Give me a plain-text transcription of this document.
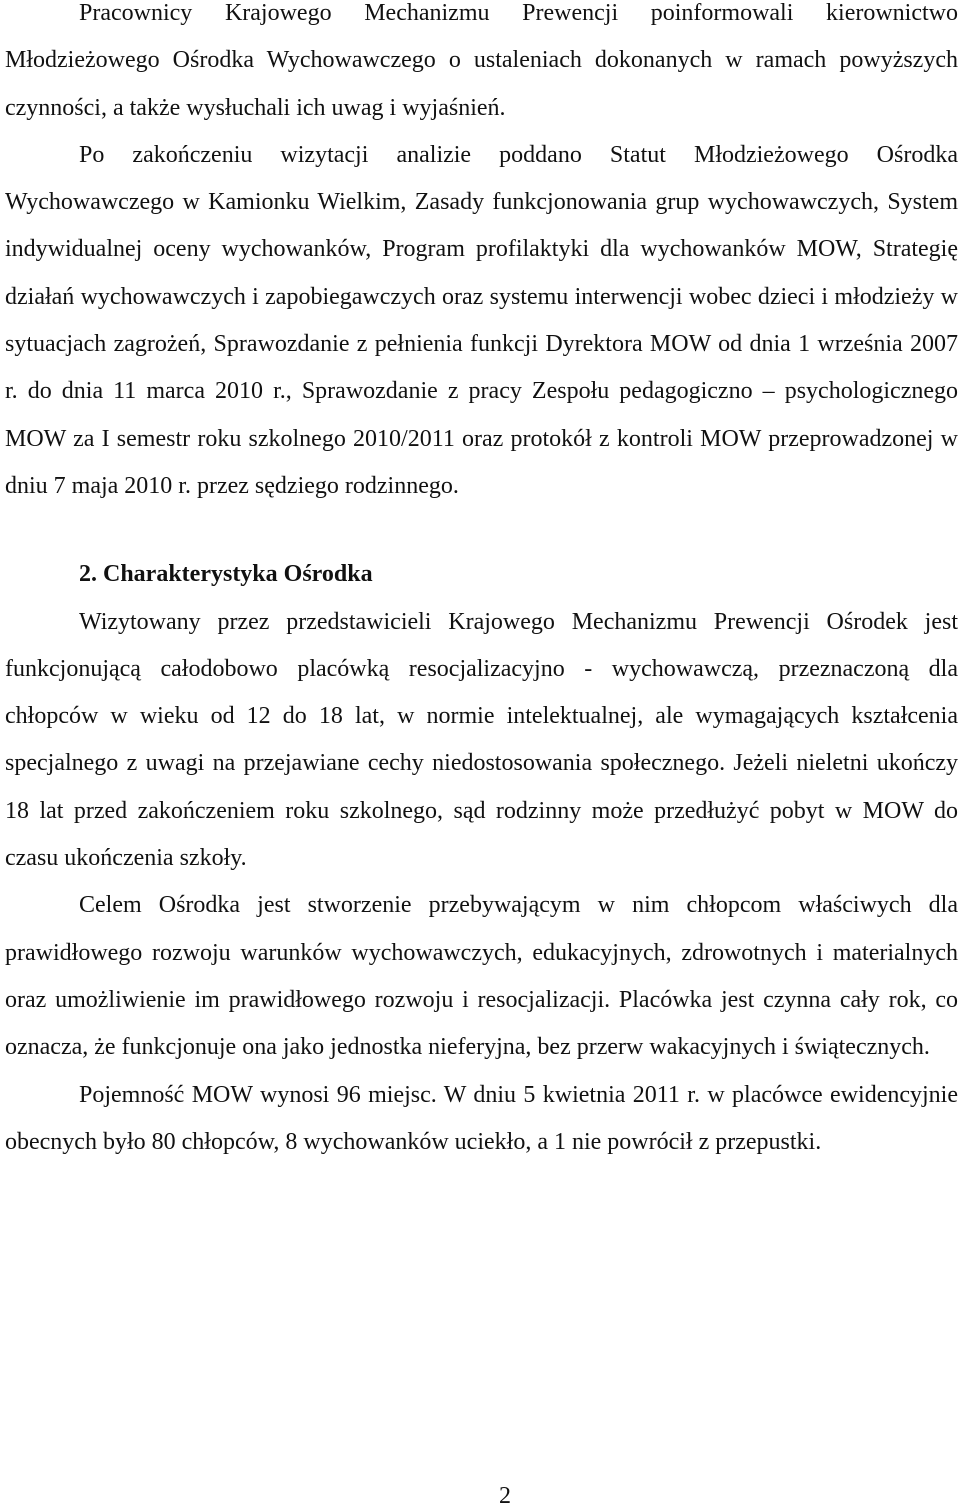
Pracownicy Krajowego Mechanizmu Prewencji poinformowali kierownictwo Młodzieżowego Ośrodka Wychowawczego o ustaleniach dokonanych w ramach powyższych czynności, a także wysłuchali ich uwag i wyjaśnień.

Po zakończeniu wizytacji analizie poddano Statut Młodzieżowego Ośrodka Wychowawczego w Kamionku Wielkim, Zasady funkcjonowania grup wychowawczych, System indywidualnej oceny wychowanków, Program profilaktyki dla wychowanków MOW, Strategię działań wychowawczych i zapobiegawczych oraz systemu interwencji wobec dzieci i młodzieży w sytuacjach zagrożeń, Sprawozdanie z pełnienia funkcji Dyrektora MOW od dnia 1 września 2007 r. do dnia 11 marca 2010 r., Sprawozdanie z pracy Zespołu pedagogiczno – psychologicznego MOW za I semestr roku szkolnego 2010/2011 oraz protokół z kontroli MOW przeprowadzonej w dniu 7 maja 2010 r. przez sędziego rodzinnego.

2. Charakterystyka Ośrodka

Wizytowany przez przedstawicieli Krajowego Mechanizmu Prewencji Ośrodek jest funkcjonującą całodobowo placówką resocjalizacyjno - wychowawczą, przeznaczoną dla chłopców w wieku od 12 do 18 lat, w normie intelektualnej, ale wymagających kształcenia specjalnego z uwagi na przejawiane cechy niedostosowania społecznego. Jeżeli nieletni ukończy 18 lat przed zakończeniem roku szkolnego, sąd rodzinny może przedłużyć pobyt w MOW do czasu ukończenia szkoły.

Celem Ośrodka jest stworzenie przebywającym w nim chłopcom właściwych dla prawidłowego rozwoju warunków wychowawczych, edukacyjnych, zdrowotnych i materialnych oraz umożliwienie im prawidłowego rozwoju i resocjalizacji. Placówka jest czynna cały rok, co oznacza, że funkcjonuje ona jako jednostka nieferyjna, bez przerw wakacyjnych i świątecznych.

Pojemność MOW wynosi 96 miejsc. W dniu 5 kwietnia 2011 r. w placówce ewidencyjnie obecnych było 80 chłopców, 8 wychowanków uciekło, a 1 nie powrócił z przepustki.

2
